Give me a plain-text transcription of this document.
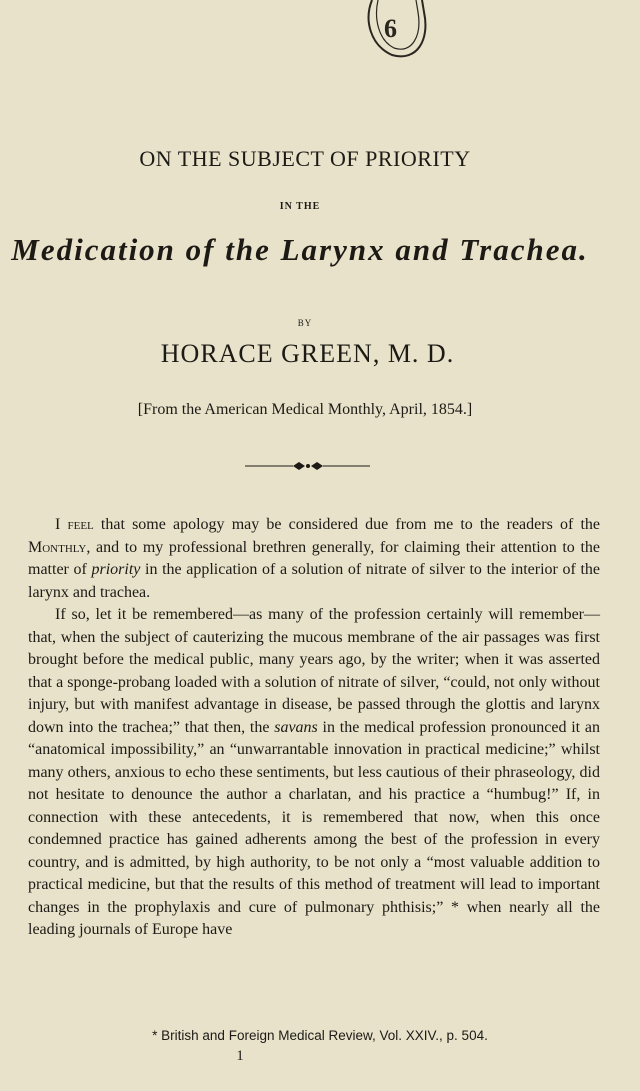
6
ON THE SUBJECT OF PRIORITY
IN THE
Medication of the Larynx and Trachea.
BY
HORACE GREEN, M. D.
[From the American Medical Monthly, April, 1854.]

I feel that some apology may be considered due from me to the readers of the Monthly, and to my professional brethren generally, for claiming their attention to the matter of priority in the application of a solution of nitrate of silver to the interior of the larynx and trachea.

If so, let it be remembered—as many of the profession certainly will remember—that, when the subject of cauterizing the mucous membrane of the air passages was first brought before the medical public, many years ago, by the writer; when it was asserted that a sponge-probang loaded with a solution of nitrate of silver, “could, not only without injury, but with manifest advantage in disease, be passed through the glottis and larynx down into the trachea;” that then, the savans in the medical profession pronounced it an “anatomical impossibility,” an “unwarrantable innovation in practical medicine;” whilst many others, anxious to echo these sentiments, but less cautious of their phraseology, did not hesitate to denounce the author a charlatan, and his practice a “humbug!” If, in connection with these antecedents, it is remembered that now, when this once condemned practice has gained adherents among the best of the profession in every country, and is admitted, by high authority, to be not only a “most valuable addition to practical medicine, but that the results of this method of treatment will lead to important changes in the prophylaxis and cure of pulmonary phthisis;” * when nearly all the leading journals of Europe have

* British and Foreign Medical Review, Vol. XXIV., p. 504.
1
